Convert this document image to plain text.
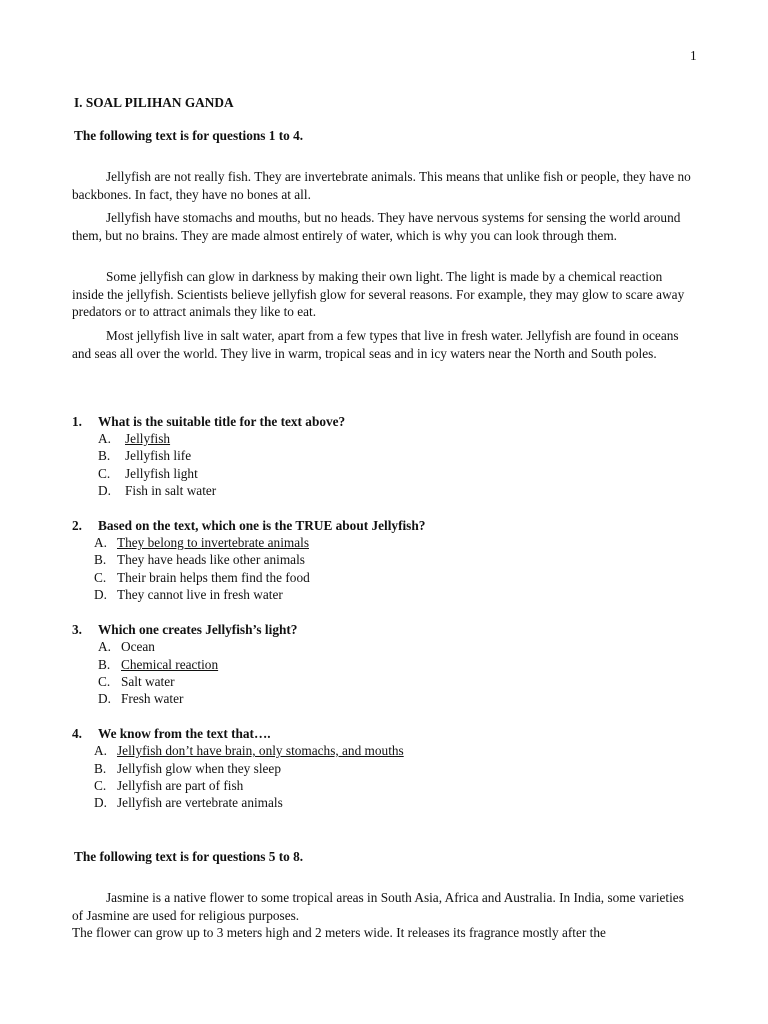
1
I. SOAL PILIHAN GANDA
The following text is for questions 1 to 4.
Jellyfish are not really fish. They are invertebrate animals. This means that unlike fish or people, they have no backbones. In fact, they have no bones at all.
Jellyfish have stomachs and mouths, but no heads. They have nervous systems for sensing the world around them, but no brains. They are made almost entirely of water, which is why you can look through them.
Some jellyfish can glow in darkness by making their own light. The light is made by a chemical reaction inside the jellyfish. Scientists believe jellyfish glow for several reasons. For example, they may glow to scare away predators or to attract animals they like to eat.
Most jellyfish live in salt water, apart from a few types that live in fresh water. Jellyfish are found in oceans and seas all over the world. They live in warm, tropical seas and in icy waters near the North and South poles.
1. What is the suitable title for the text above?
A. Jellyfish
B. Jellyfish life
C. Jellyfish light
D. Fish in salt water
2. Based on the text, which one is the TRUE about Jellyfish?
A. They belong to invertebrate animals
B. They have heads like other animals
C. Their brain helps them find the food
D. They cannot live in fresh water
3. Which one creates Jellyfish’s light?
A. Ocean
B. Chemical reaction
C. Salt water
D. Fresh water
4. We know from the text that….
A. Jellyfish don’t have brain, only stomachs, and mouths
B. Jellyfish glow when they sleep
C. Jellyfish are part of fish
D. Jellyfish are vertebrate animals
The following text is for questions 5 to 8.
Jasmine is a native flower to some tropical areas in South Asia, Africa and Australia. In India, some varieties of Jasmine are used for religious purposes.
The flower can grow up to 3 meters high and 2 meters wide. It releases its fragrance mostly after the
